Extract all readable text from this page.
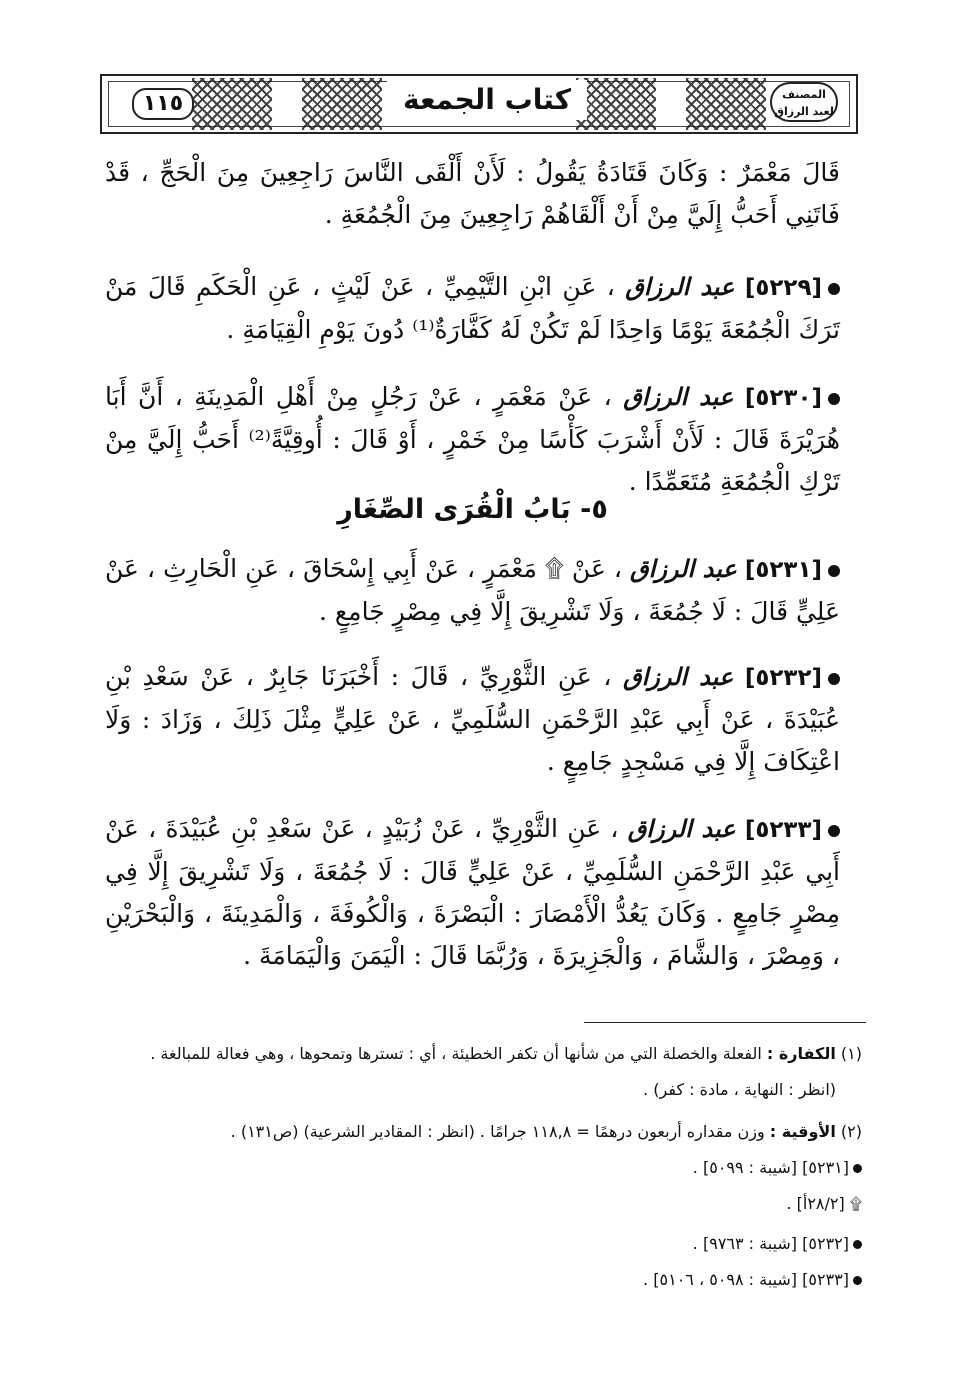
١١٥	كتاب الجمعة	المصنف
لعبد الرزاق

قَالَ مَعْمَرٌ : وَكَانَ قَتَادَةُ يَقُولُ : لَأَنْ أَلْقَى النَّاسَ رَاجِعِينَ مِنَ الْحَجِّ ، قَدْ فَاتَنِي أَحَبُّ إِلَيَّ مِنْ أَنْ أَلْقَاهُمْ رَاجِعِينَ مِنَ الْجُمُعَةِ .

[٥٢٢٩] عبد الرزاق ، عَنِ ابْنِ التَّيْمِيِّ ، عَنْ لَيْثٍ ، عَنِ الْحَكَمِ قَالَ مَنْ تَرَكَ الْجُمُعَةَ يَوْمًا وَاحِدًا لَمْ تَكُنْ لَهُ كَفَّارَةٌ⁽¹⁾ دُونَ يَوْمِ الْقِيَامَةِ .

[٥٢٣٠] عبد الرزاق ، عَنْ مَعْمَرٍ ، عَنْ رَجُلٍ مِنْ أَهْلِ الْمَدِينَةِ ، أَنَّ أَبَا هُرَيْرَةَ قَالَ : لَأَنْ أَشْرَبَ كَأْسًا مِنْ خَمْرٍ ، أَوْ قَالَ : أُوقِيَّةً⁽²⁾ أَحَبُّ إِلَيَّ مِنْ تَرْكِ الْجُمُعَةِ مُتَعَمِّدًا .

٥- بَابُ الْقُرَى الصِّغَارِ

[٥٢٣١] عبد الرزاق ، عَنْ ۩ مَعْمَرٍ ، عَنْ أَبِي إِسْحَاقَ ، عَنِ الْحَارِثِ ، عَنْ عَلِيٍّ قَالَ : لَا جُمُعَةَ ، وَلَا تَشْرِيقَ إِلَّا فِي مِصْرٍ جَامِعٍ .

[٥٢٣٢] عبد الرزاق ، عَنِ الثَّوْرِيِّ ، قَالَ : أَخْبَرَنَا جَابِرٌ ، عَنْ سَعْدِ بْنِ عُبَيْدَةَ ، عَنْ أَبِي عَبْدِ الرَّحْمَنِ السُّلَمِيِّ ، عَنْ عَلِيٍّ مِثْلَ ذَلِكَ ، وَزَادَ : وَلَا اعْتِكَافَ إِلَّا فِي مَسْجِدٍ جَامِعٍ .

[٥٢٣٣] عبد الرزاق ، عَنِ الثَّوْرِيِّ ، عَنْ زُبَيْدٍ ، عَنْ سَعْدِ بْنِ عُبَيْدَةَ ، عَنْ أَبِي عَبْدِ الرَّحْمَنِ السُّلَمِيِّ ، عَنْ عَلِيٍّ قَالَ : لَا جُمُعَةَ ، وَلَا تَشْرِيقَ إِلَّا فِي مِصْرٍ جَامِعٍ . وَكَانَ يَعُدُّ الْأَمْصَارَ : الْبَصْرَةَ ، وَالْكُوفَةَ ، وَالْمَدِينَةَ ، وَالْبَحْرَيْنِ ، وَمِصْرَ ، وَالشَّامَ ، وَالْجَزِيرَةَ ، وَرُبَّمَا قَالَ : الْيَمَنَ وَالْيَمَامَةَ .

(١) الكفارة : الفعلة والخصلة التي من شأنها أن تكفر الخطيئة ، أي : تسترها وتمحوها ، وهي فعالة للمبالغة .
(انظر : النهاية ، مادة : كفر) .
(٢) الأوقية : وزن مقداره أربعون درهمًا = ١١٨,٨ جرامًا . (انظر : المقادير الشرعية) (ص١٣١) .
[٥٢٣١] [شيبة : ٥٠٩٩] .
۩ [٢٨/٢أ] .
[٥٢٣٢] [شيبة : ٩٧٦٣] .
[٥٢٣٣] [شيبة : ٥٠٩٨ ، ٥١٠٦] .
